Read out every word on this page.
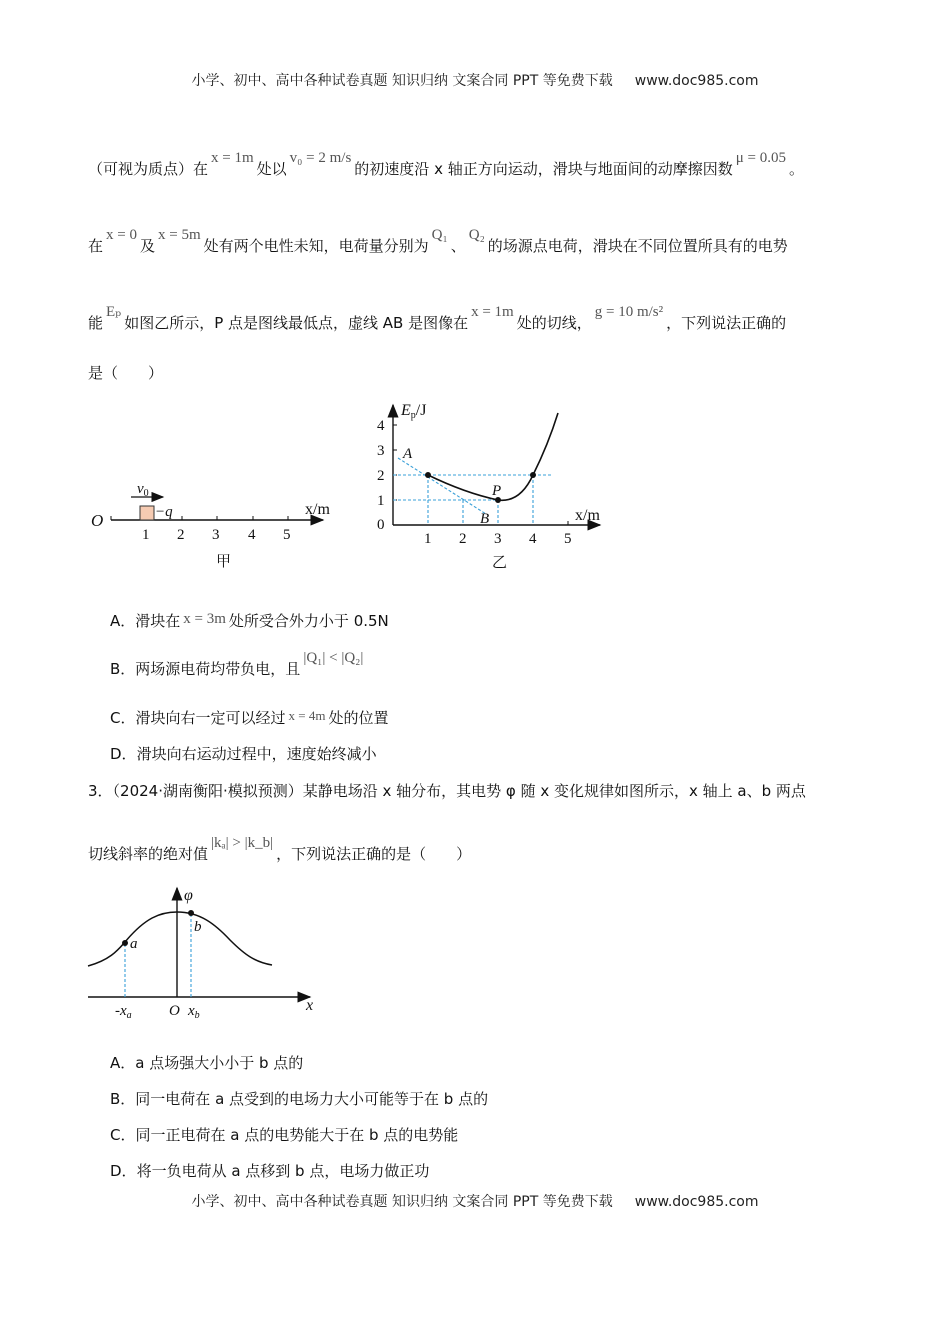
小学、初中、高中各种试卷真题 知识归纳 文案合同 PPT 等免费下载 www.doc985.com
（可视为质点）在x = 1m处以v₀ = 2 m/s的初速度沿 x 轴正方向运动，滑块与地面间的动摩擦因数μ = 0.05。
在x = 0及x = 5m处有两个电性未知，电荷量分别为Q₁、Q₂的场源点电荷，滑块在不同位置所具有的电势
能Eₚ如图乙所示，P 点是图线最低点，虚线 AB 是图像在x = 1m处的切线，g = 10 m/s²，下列说法正确的
是（　　）
O	−q
$v_0$
1 2 3 4 5
x/m
甲
A
B
P
0
1
2
3
4
1 2 3 4 5
x/m
Ep/J
乙
A．滑块在 x = 3m 处所受合外力小于 0.5N
B．两场源电荷均带负电，且|Q₁| < |Q₂|
C．滑块向右一定可以经过 x = 4m 处的位置
D．滑块向右运动过程中，速度始终减小
3．（2024·湖南衡阳·模拟预测）某静电场沿 x 轴分布，其电势 φ 随 x 变化规律如图所示，x 轴上 a、b 两点
切线斜率的绝对值|kₐ| > |k_b|，下列说法正确的是（　　）
a
b
φ
x
O
$-x_a$	$x_b$
A．a 点场强大小小于 b 点的
B．同一电荷在 a 点受到的电场力大小可能等于在 b 点的
C．同一正电荷在 a 点的电势能大于在 b 点的电势能
D．将一负电荷从 a 点移到 b 点，电场力做正功
小学、初中、高中各种试卷真题 知识归纳 文案合同 PPT 等免费下载 www.doc985.com
